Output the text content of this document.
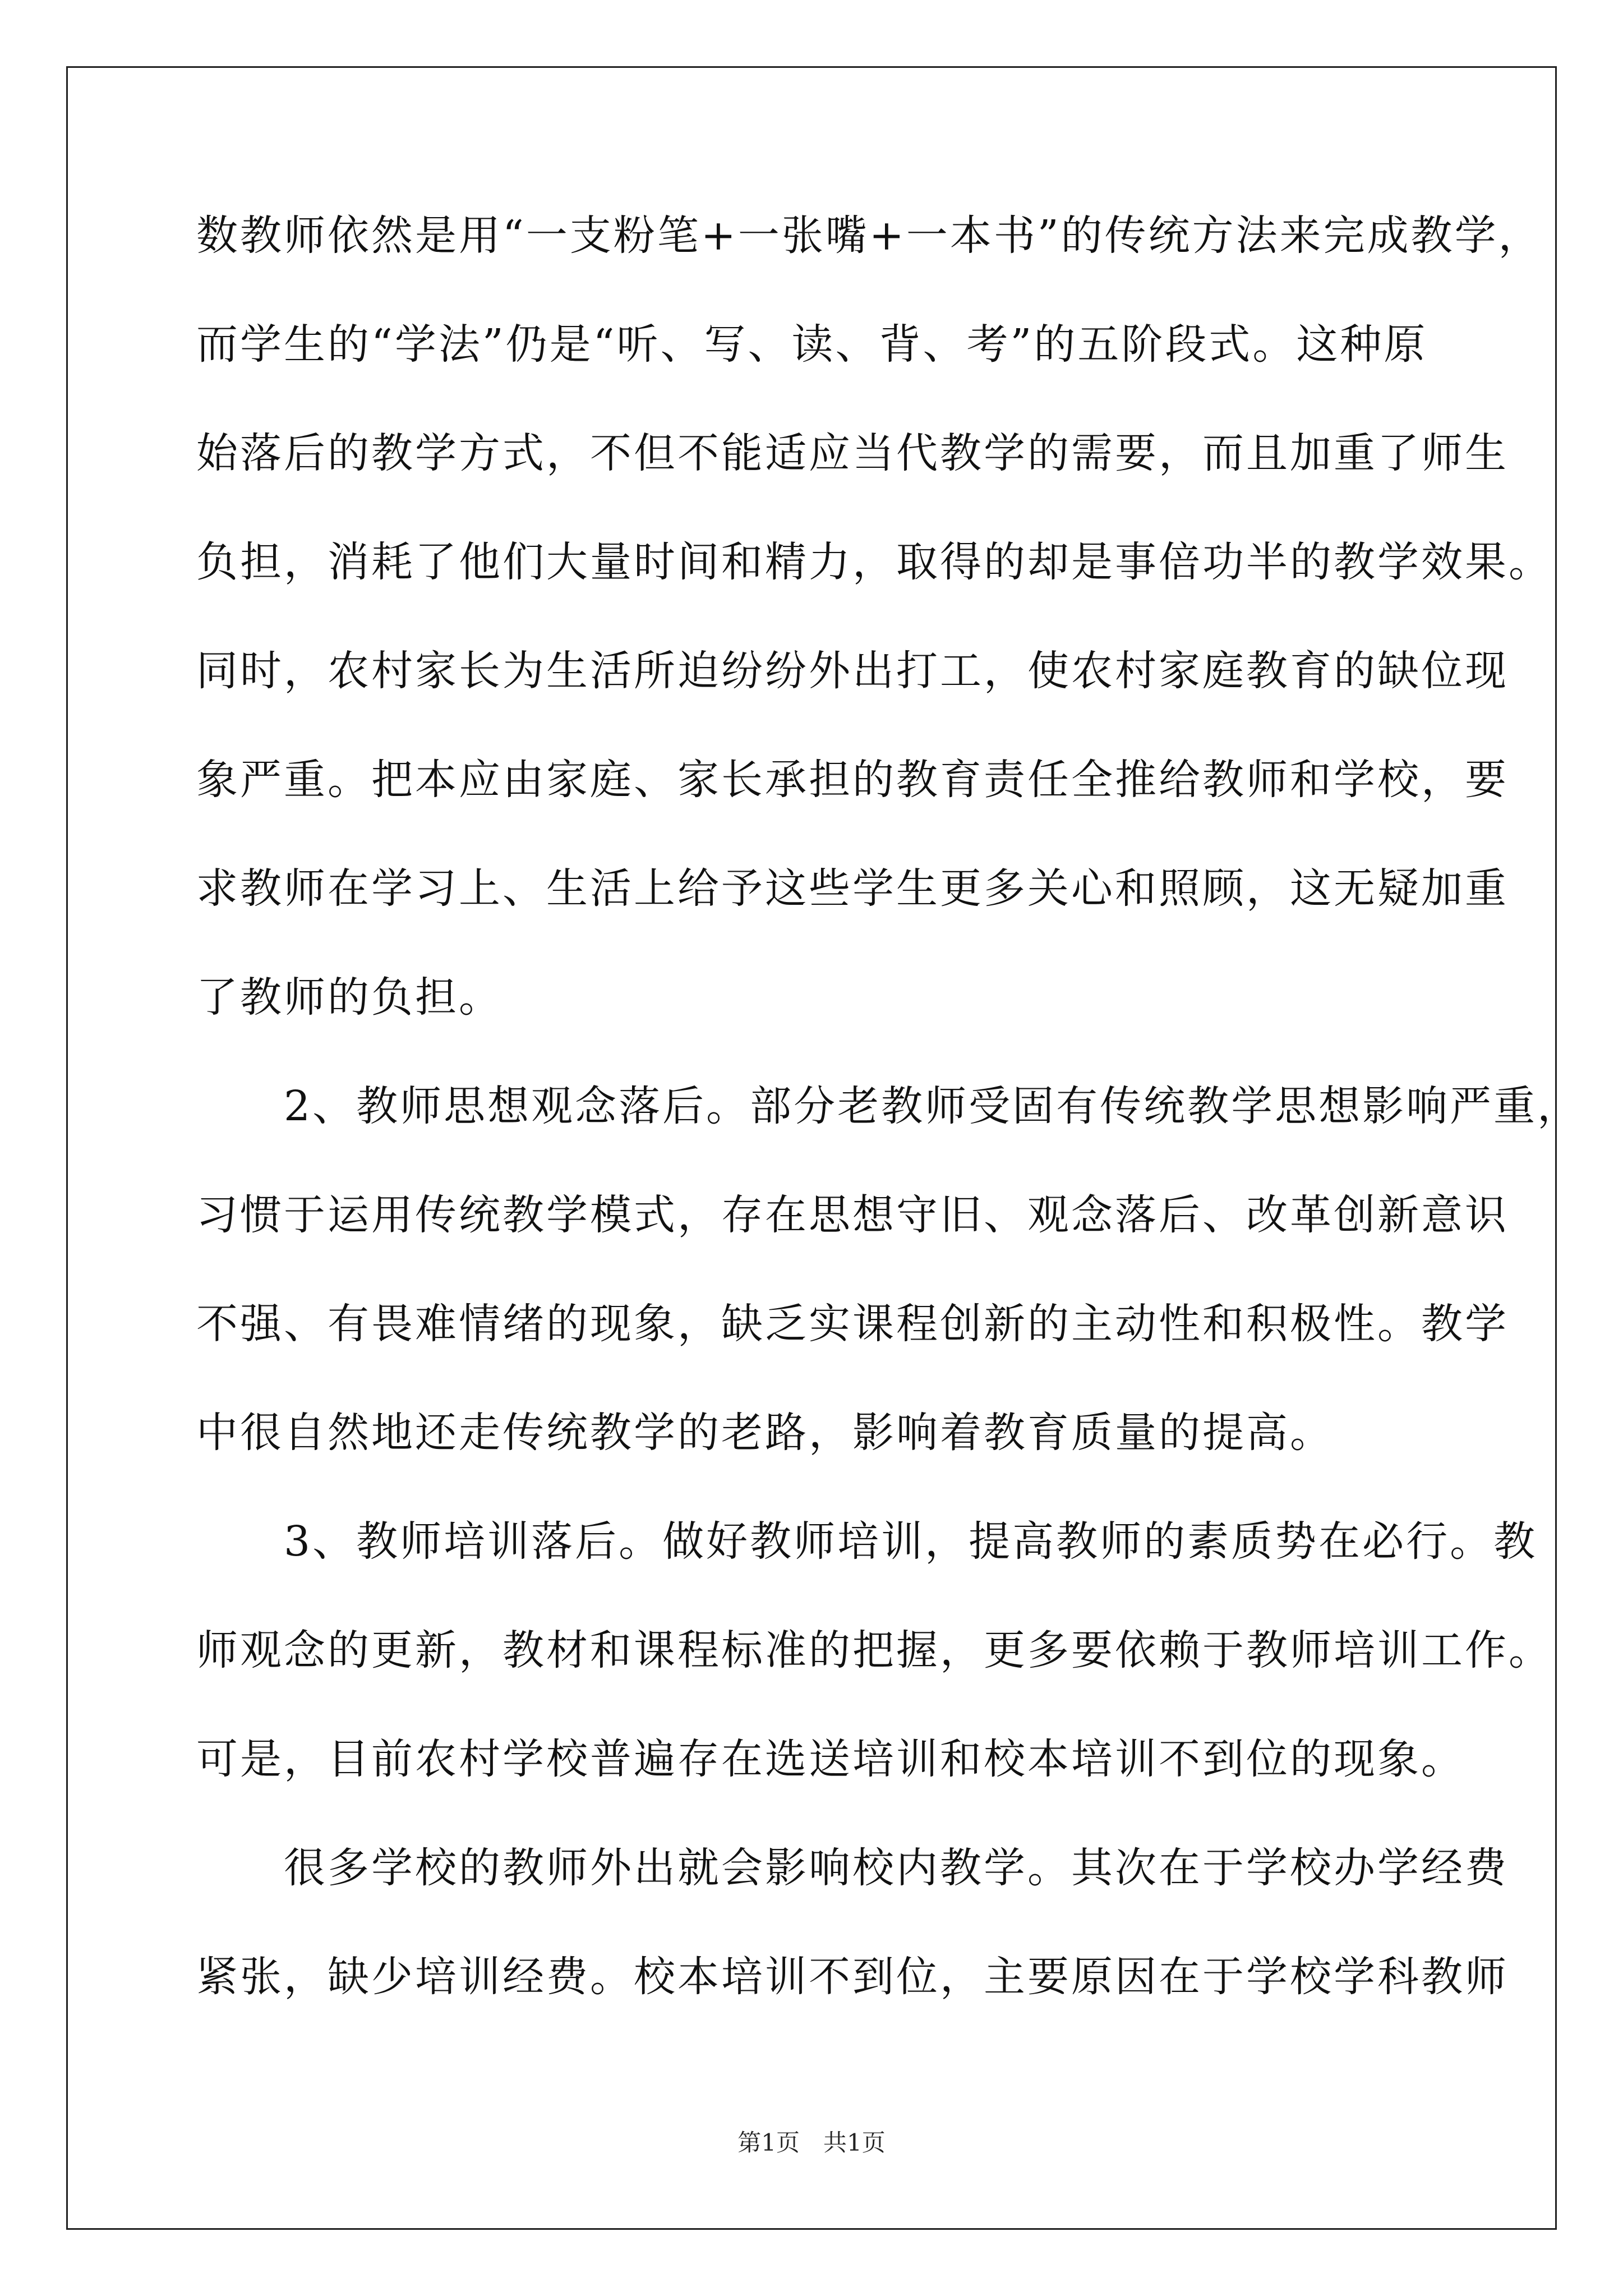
数教师依然是用“一支粉笔+一张嘴+一本书”的传统方法来完成教学，
而学生的“学法”仍是“听、写、读、背、考”的五阶段式。这种原
始落后的教学方式，不但不能适应当代教学的需要，而且加重了师生
负担，消耗了他们大量时间和精力，取得的却是事倍功半的教学效果。
同时，农村家长为生活所迫纷纷外出打工，使农村家庭教育的缺位现
象严重。把本应由家庭、家长承担的教育责任全推给教师和学校，要
求教师在学习上、生活上给予这些学生更多关心和照顾，这无疑加重
了教师的负担。
　　2、教师思想观念落后。部分老教师受固有传统教学思想影响严重，
习惯于运用传统教学模式，存在思想守旧、观念落后、改革创新意识
不强、有畏难情绪的现象，缺乏实课程创新的主动性和积极性。教学
中很自然地还走传统教学的老路，影响着教育质量的提高。
　　3、教师培训落后。做好教师培训，提高教师的素质势在必行。教
师观念的更新，教材和课程标准的把握，更多要依赖于教师培训工作。
可是，目前农村学校普遍存在选送培训和校本培训不到位的现象。
　　很多学校的教师外出就会影响校内教学。其次在于学校办学经费
紧张，缺少培训经费。校本培训不到位，主要原因在于学校学科教师
第1页　共1页
